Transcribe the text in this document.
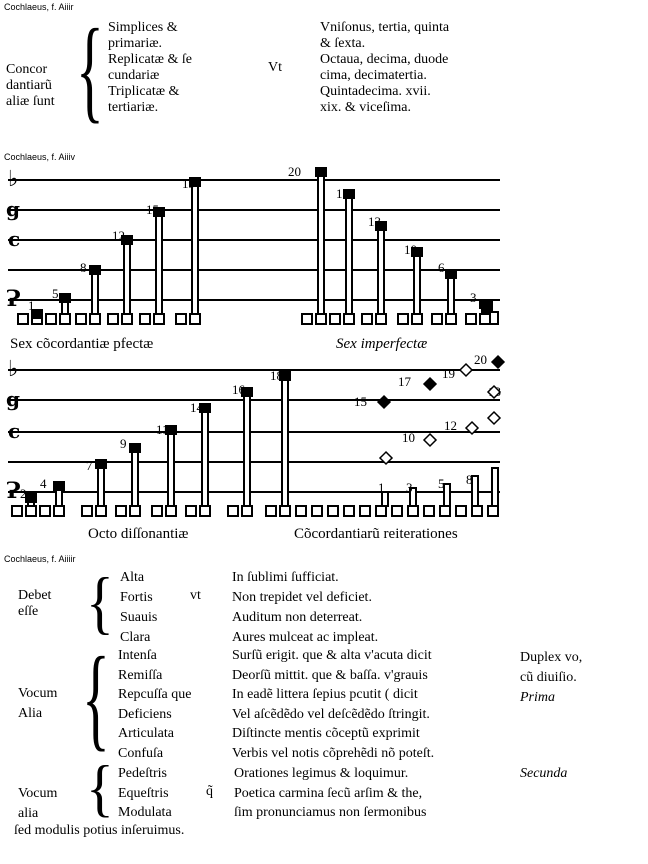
Cochlaeus, f. Aiiir
Concor
dantiarũ
aliæ ſunt { Simplices &
primariæ.
Replicatæ & ſe
cundariæ
Triplicatæ &
tertiariæ.
Vt
Vniſonus, tertia, quinta
& ſexta.
Octaua, decima, duode
cima, decimatertia.
Quintadecima. xvii.
xix. & viceſima.
Cochlaeus, f. Aiiiv
♭
g
c
Ɂ 1
5
8
12
15
19
20
17
13
10
6
3
Sex cõcordantiæ pfectæ	Sex imperfectæ
♭
g
c
Ɂ 2
4
7
9
11
14
16
18
15
17
19
20
12
10
1 3 5 8
Octo diſſonantiæ	Cõcordantiarũ reiterationes
Cochlaeus, f. Aiiiir
Debet
eſſe { Alta
Fortis
Suauis
Clara
vt
In ſublimi ſufficiat.
Non trepidet vel deficiet.
Auditum non deterreat.
Aures mulceat ac impleat.
Vocum
Alia { Intenſa
Remiſſa
Repcuſſa que
Deficiens
Articulata
Confuſa
Surſũ erigit. que & alta v'acuta dicit
Deorſũ mittit. que & baſſa. v'grauis
In eadẽ littera ſepius pcutit ( dicit
Vel aſcẽdẽdo vel deſcẽdẽdo ſtringit.
Diſtincte mentis cõceptũ exprimit
Verbis vel notis cõprehẽdi nõ poteſt.
Duplex vo,
cũ diuiſio.
Prima
Secunda
Vocum
alia { Pedeſtris
Equeſtris
Modulata
q̃
Orationes legimus & loquimur.
Poetica carmina ſecũ arſim & the,
ſim pronunciamus non ſermonibus
ſed modulis potius inſeruimus.
